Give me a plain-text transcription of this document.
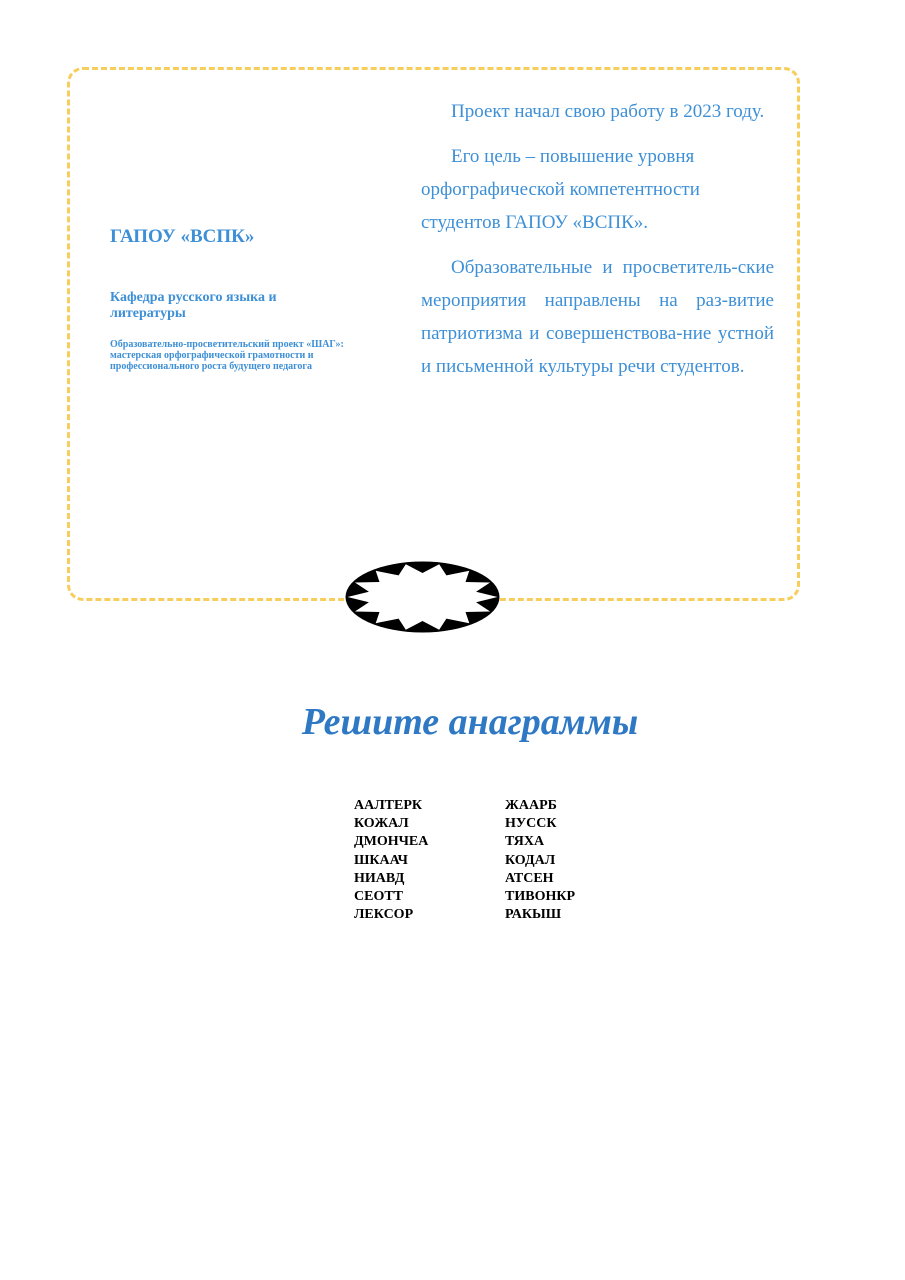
ГАПОУ «ВСПК»

Кафедра русского языка и литературы

Образовательно-просветительский проект «ШАГ»: мастерская орфографической грамотности и профессионального роста будущего педагога

Проект начал свою работу в 2023 году.

Его цель – повышение уровня орфографической компетентности студентов ГАПОУ «ВСПК».

Образовательные и просветитель-ские мероприятия направлены на раз-витие патриотизма и совершенствова-ние устной и письменной культуры речи студентов.

Решите анаграммы
ААЛТЕРК
КОЖАЛ
ДМОНЧЕА
ШКААЧ
НИАВД
СЕОТТ
ЛЕКСОР
ЖААРБ
НУССК
ТЯХА
КОДАЛ
АТСЕН
ТИВОНКР
РАКЫШ
